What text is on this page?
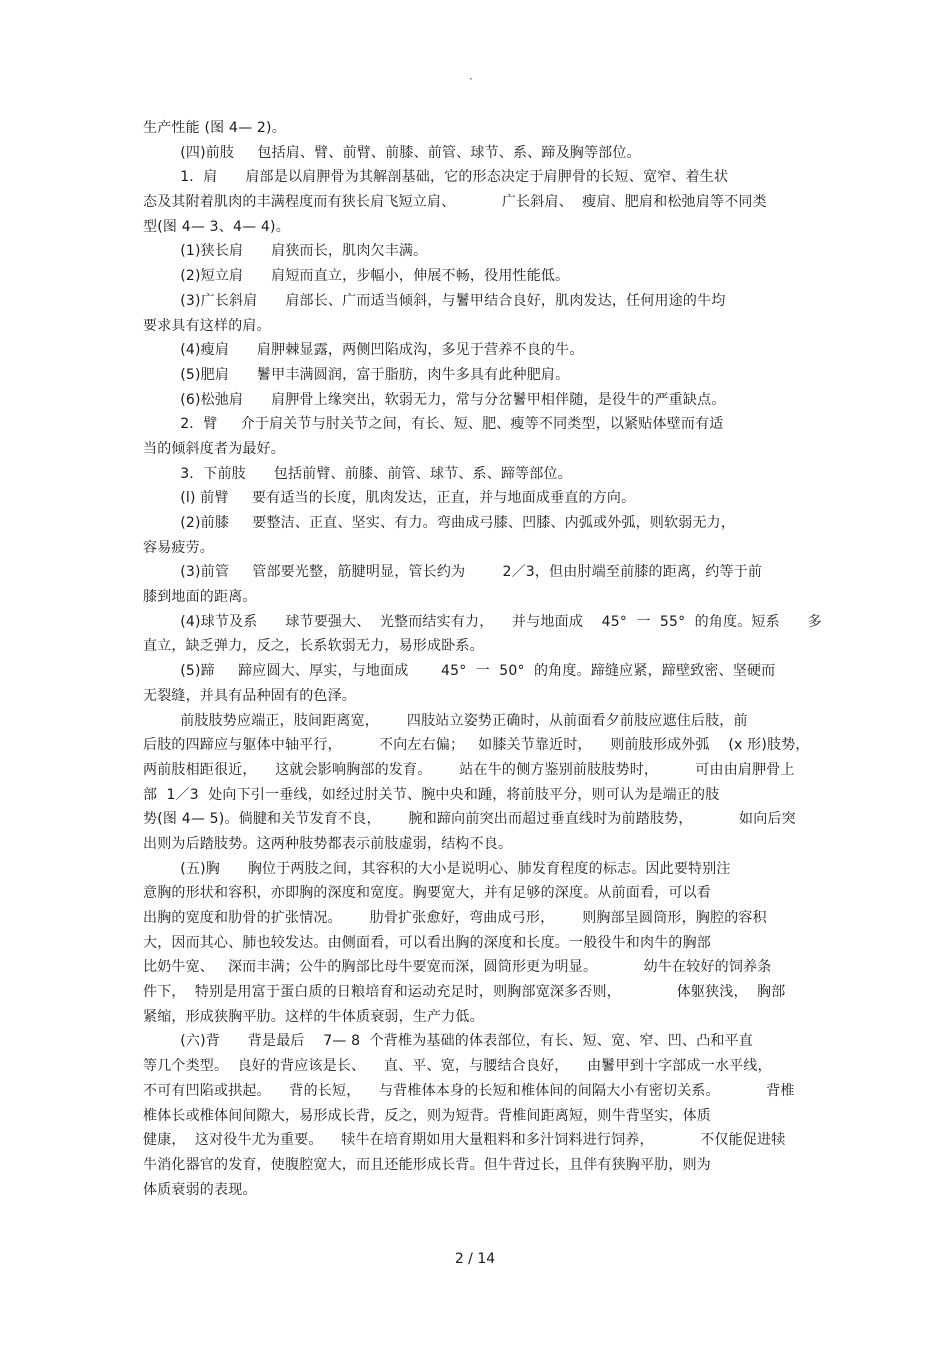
·
生产性能 (图 4— 2)。
(四)前肢     包括肩、臂、前臂、前膝、前管、球节、系、蹄及胸等部位。
1.  肩      肩部是以肩胛骨为其解剖基础，它的形态决定于肩胛骨的长短、宽窄、着生状
态及其附着肌肉的丰满程度而有狭长肩飞短立肩、          广长斜肩、  瘦肩、肥肩和松弛肩等不同类
型(图 4— 3、4— 4)。
(1)狭长肩      肩狭而长，肌肉欠丰满。
(2)短立肩      肩短而直立，步幅小，伸展不畅，役用性能低。
(3)广长斜肩      肩部长、广而适当倾斜，与鬐甲结合良好，肌肉发达，任何用途的牛均
要求具有这样的肩。
(4)瘦肩      肩胛棘显露，两侧凹陷成沟，多见于营养不良的牛。
(5)肥肩      鬐甲丰满圆润，富于脂肪，肉牛多具有此种肥肩。
(6)松弛肩      肩胛骨上缘突出，软弱无力，常与分岔鬐甲相伴随，是役牛的严重缺点。
2.  臂     介于肩关节与肘关节之间，有长、短、肥、瘦等不同类型，以紧贴体壁而有适
当的倾斜度者为最好。
3.  下前肢      包括前臂、前膝、前管、球节、系、蹄等部位。
(l) 前臂     要有适当的长度，肌肉发达，正直，并与地面成垂直的方向。
(2)前膝     要整洁、正直、坚实、有力。弯曲成弓膝、凹膝、内弧或外弧，则软弱无力，
容易疲劳。
(3)前管     管部要光整，筋腱明显，管长约为        2／3，但由肘端至前膝的距离，约等于前
膝到地面的距离。
(4)球节及系      球节要强大、  光整而结实有力，    并与地面成    45°  一  55°  的角度。短系      多
直立，缺乏弹力，反之，长系软弱无力，易形成卧系。
(5)蹄     蹄应圆大、厚实，与地面成       45°  一  50°  的角度。蹄缝应紧，蹄壁致密、坚硬而
无裂缝，并具有品种固有的色泽。
前肢肢势应端正，肢间距离宽，      四肢站立姿势正确时，从前面看夕前肢应遮住后肢，前
后肢的四蹄应与躯体中轴平行，        不向左右偏；   如膝关节靠近时，    则前肢形成外弧    (x 形)肢势，
两前肢相距很近，    这就会影响胸部的发育。      站在牛的侧方鉴别前肢肢势时，        可由由肩胛骨上
部  1／3  处向下引一垂线，如经过肘关节、腕中央和踵，将前肢平分，则可认为是端正的肢
势(图 4— 5)。倘腱和关节发育不良，      腕和蹄向前突出而超过垂直线时为前踏肢势，          如向后突
出则为后踏肢势。这两种肢势都表示前肢虚弱，结构不良。
(五)胸      胸位于两肢之间，其容积的大小是说明心、肺发育程度的标志。因此要特别注
意胸的形状和容积，亦即胸的深度和宽度。胸要宽大，并有足够的深度。从前面看，可以看
出胸的宽度和肋骨的扩张情况。      肋骨扩张愈好，弯曲成弓形，      则胸部呈圆筒形，胸腔的容积
大，因而其心、肺也较发达。由侧面看，可以看出胸的深度和长度。一般役牛和肉牛的胸部
比奶牛宽、   深而丰满；公牛的胸部比母牛要宽而深，圆筒形更为明显。          幼牛在较好的饲养条
件下，  特别是用富于蛋白质的日粮培育和运动充足时，则胸部宽深多否则，            体躯狭浅，  胸部
紧缩，形成狭胸平肋。这样的牛体质衰弱，生产力低。
(六)背      背是最后    7— 8  个背椎为基础的体表部位，有长、短、宽、窄、凹、凸和平直
等几个类型。  良好的背应该是长、    直、平、宽，与腰结合良好，    由鬐甲到十字部成一水平线，
不可有凹陷或拱起。    背的长短，    与背椎体本身的长短和椎体间的间隔大小有密切关系。          背椎
椎体长或椎体间间隙大，易形成长背，反之，则为短背。背椎间距离短，则牛背坚实，体质
健康，  这对役牛尤为重要。    犊牛在培育期如用大量粗料和多汁饲料进行饲养，          不仅能促进犊
牛消化器官的发育，使腹腔宽大，而且还能形成长背。但牛背过长，且伴有狭胸平肋，则为
体质衰弱的表现。
2 / 14
